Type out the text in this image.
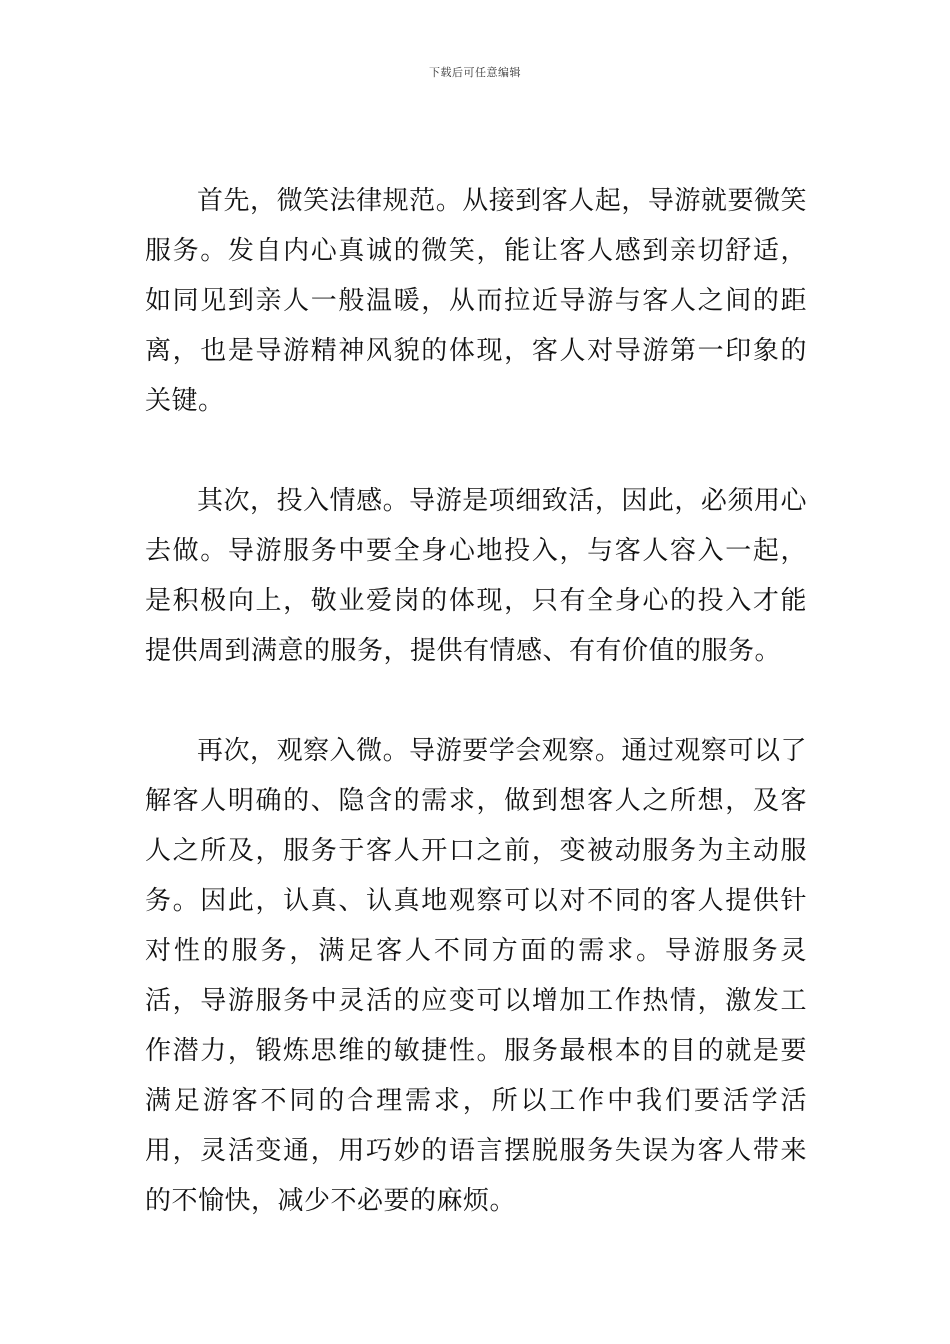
下载后可任意编辑

首先，微笑法律规范。从接到客人起，导游就要微笑服务。发自内心真诚的微笑，能让客人感到亲切舒适，如同见到亲人一般温暖，从而拉近导游与客人之间的距离，也是导游精神风貌的体现，客人对导游第一印象的关键。

其次，投入情感。导游是项细致活，因此，必须用心去做。导游服务中要全身心地投入，与客人容入一起，是积极向上，敬业爱岗的体现，只有全身心的投入才能提供周到满意的服务，提供有情感、有有价值的服务。

再次，观察入微。导游要学会观察。通过观察可以了解客人明确的、隐含的需求，做到想客人之所想，及客人之所及，服务于客人开口之前，变被动服务为主动服务。因此，认真、认真地观察可以对不同的客人提供针对性的服务，满足客人不同方面的需求。导游服务灵活，导游服务中灵活的应变可以增加工作热情，激发工作潜力，锻炼思维的敏捷性。服务最根本的目的就是要满足游客不同的合理需求，所以工作中我们要活学活用，灵活变通，用巧妙的语言摆脱服务失误为客人带来的不愉快，减少不必要的麻烦。
